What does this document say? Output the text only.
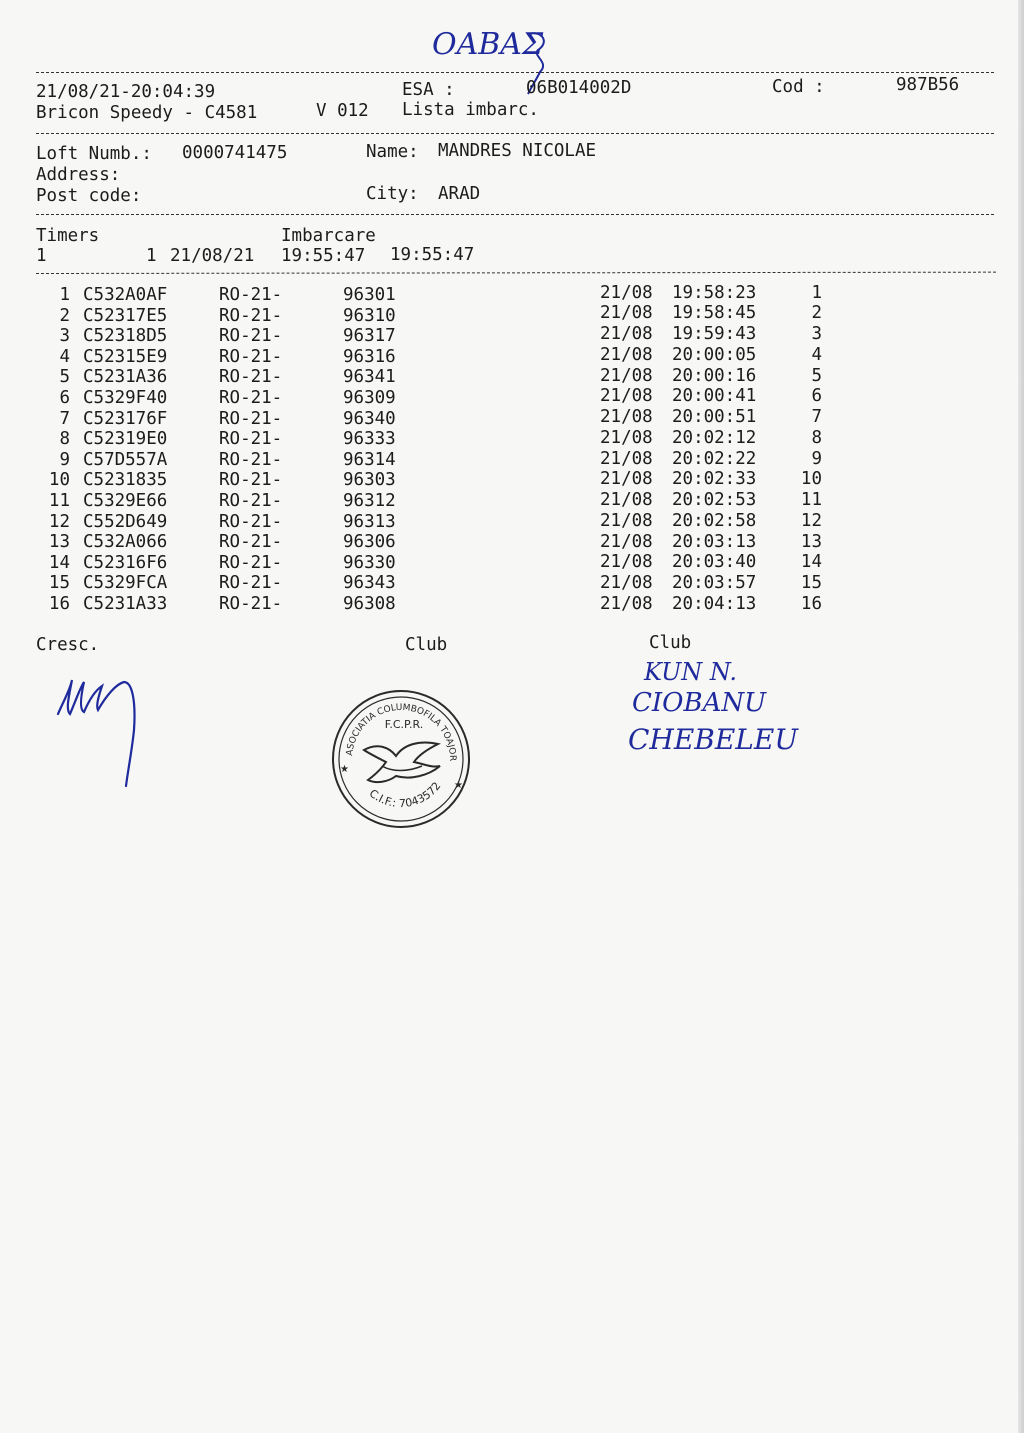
ΟΑΒΑΣ
21/08/21-20:04:39	ESA :	06B014002D	Cod :	987B56
Bricon Speedy - C4581	V 012 Lista imbarc.
Loft Numb.: 0000741475	Name: MANDRES NICOLAE
Address:
Post code:	City: ARAD
Timers	Imbarcare
1	1 21/08/21 19:55:47 19:55:47
1 C532A0AF	RO-21-	96301	21/08 19:58:23	1
2 C52317E5	RO-21-	96310	21/08 19:58:45	2
3 C52318D5	RO-21-	96317	21/08 19:59:43	3
4 C52315E9	RO-21-	96316	21/08 20:00:05	4
5 C5231A36	RO-21-	96341	21/08 20:00:16	5
6 C5329F40	RO-21-	96309	21/08 20:00:41	6
7 C523176F	RO-21-	96340	21/08 20:00:51	7
8 C52319E0	RO-21-	96333	21/08 20:02:12	8
9 C57D557A	RO-21-	96314	21/08 20:02:22	9
10 C5231835	RO-21-	96303	21/08 20:02:33	10
11 C5329E66	RO-21-	96312	21/08 20:02:53	11
12 C552D649	RO-21-	96313	21/08 20:02:58	12
13 C532A066	RO-21-	96306	21/08 20:03:13	13
14 C52316F6	RO-21-	96330	21/08 20:03:40	14
15 C5329FCA	RO-21-	96343	21/08 20:03:57	15
16 C5231A33	RO-21-	96308	21/08 20:04:13	16
Cresc.	Club	Club
ASOCIATIA COLUMBOFILA TOAJOR
C.I.F.: 7043572
F.C.P.R.
★
★
KUN N.
CIOBANU
CHEBELEU
